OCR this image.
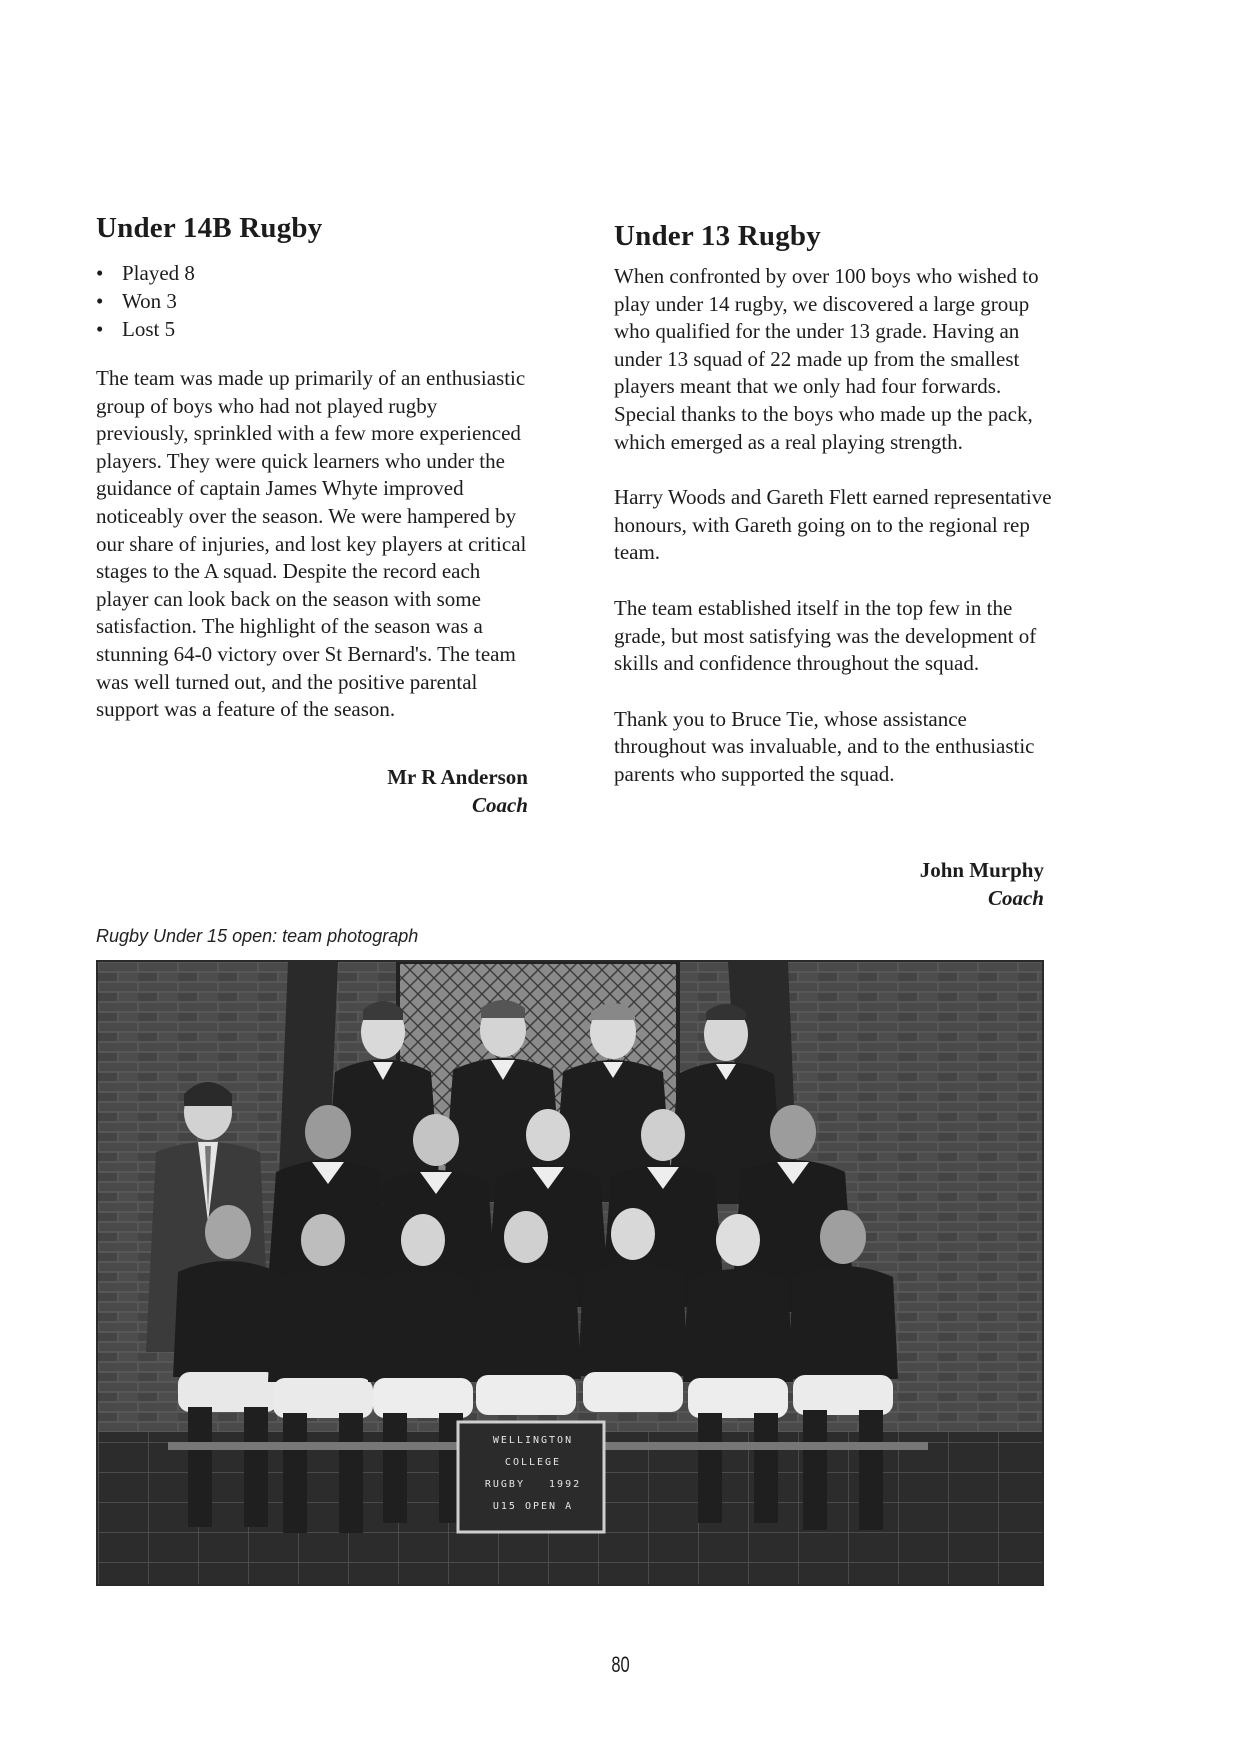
Under 14B Rugby
• Played 8
• Won 3
• Lost 5

The team was made up primarily of an enthusiastic group of boys who had not played rugby previously, sprinkled with a few more experienced players. They were quick learners who under the guidance of captain James Whyte improved noticeably over the season. We were hampered by our share of injuries, and lost key players at critical stages to the A squad. Despite the record each player can look back on the season with some satisfaction. The highlight of the season was a stunning 64-0 victory over St Bernard's. The team was well turned out, and the positive parental support was a feature of the season.

Mr R Anderson
Coach
Under 13 Rugby

When confronted by over 100 boys who wished to play under 14 rugby, we discovered a large group who qualified for the under 13 grade. Having an under 13 squad of 22 made up from the smallest players meant that we only had four forwards. Special thanks to the boys who made up the pack, which emerged as a real playing strength.

Harry Woods and Gareth Flett earned representative honours, with Gareth going on to the regional rep team.

The team established itself in the top few in the grade, but most satisfying was the development of skills and confidence throughout the squad.

Thank you to Bruce Tie, whose assistance throughout was invaluable, and to the enthusiastic parents who supported the squad.

John Murphy
Coach
Rugby Under 15 open: team photograph
WELLINGTON
COLLEGE
RUGBY   1992
U15 OPEN A
80
